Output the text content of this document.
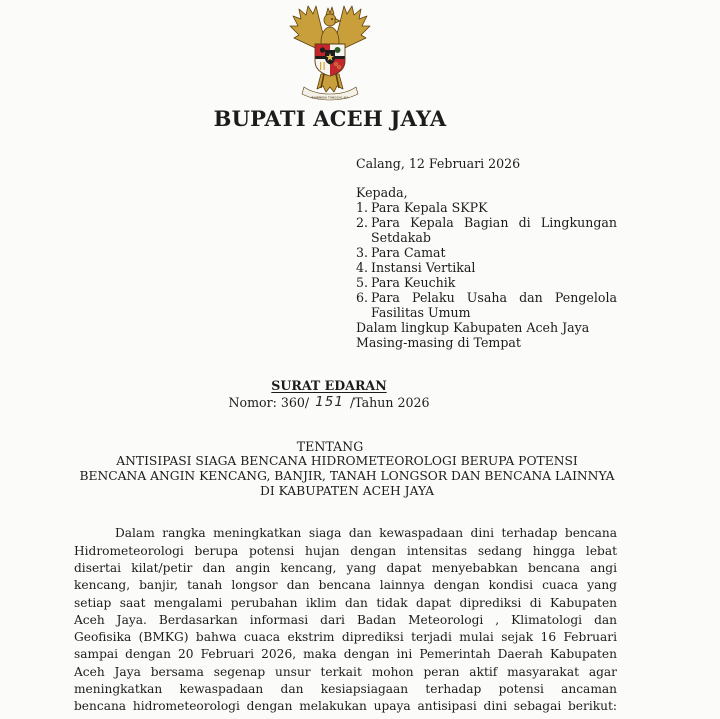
BHINNEKA TUNGGAL IKA
BUPATI ACEH JAYA
Calang, 12 Februari 2026
Kepada,
1. Para Kepala SKPK
2. Para Kepala Bagian di Lingkungan
Setdakab
3. Para Camat
4. Instansi Vertikal
5. Para Keuchik
6. Para Pelaku Usaha dan Pengelola
Fasilitas Umum
Dalam lingkup Kabupaten Aceh Jaya
Masing-masing di Tempat
SURAT EDARAN
Nomor: 360/ 151 /Tahun 2026
TENTANG
ANTISIPASI SIAGA BENCANA HIDROMETEOROLOGI BERUPA POTENSI
BENCANA ANGIN KENCANG, BANJIR, TANAH LONGSOR DAN BENCANA LAINNYA
DI KABUPATEN ACEH JAYA
Dalam rangka meningkatkan siaga dan kewaspadaan dini terhadap bencana
Hidrometeorologi berupa potensi hujan dengan intensitas sedang hingga lebat
disertai kilat/petir dan angin kencang, yang dapat menyebabkan bencana angi
kencang, banjir, tanah longsor dan bencana lainnya dengan kondisi cuaca yang
setiap saat mengalami perubahan iklim dan tidak dapat diprediksi di Kabupaten
Aceh Jaya. Berdasarkan informasi dari Badan Meteorologi , Klimatologi dan
Geofisika (BMKG) bahwa cuaca ekstrim diprediksi terjadi mulai sejak 16 Februari
sampai dengan 20 Februari 2026, maka dengan ini Pemerintah Daerah Kabupaten
Aceh Jaya bersama segenap unsur terkait mohon peran aktif masyarakat agar
meningkatkan kewaspadaan dan kesiapsiagaan terhadap potensi ancaman
bencana hidrometeorologi dengan melakukan upaya antisipasi dini sebagai berikut:
